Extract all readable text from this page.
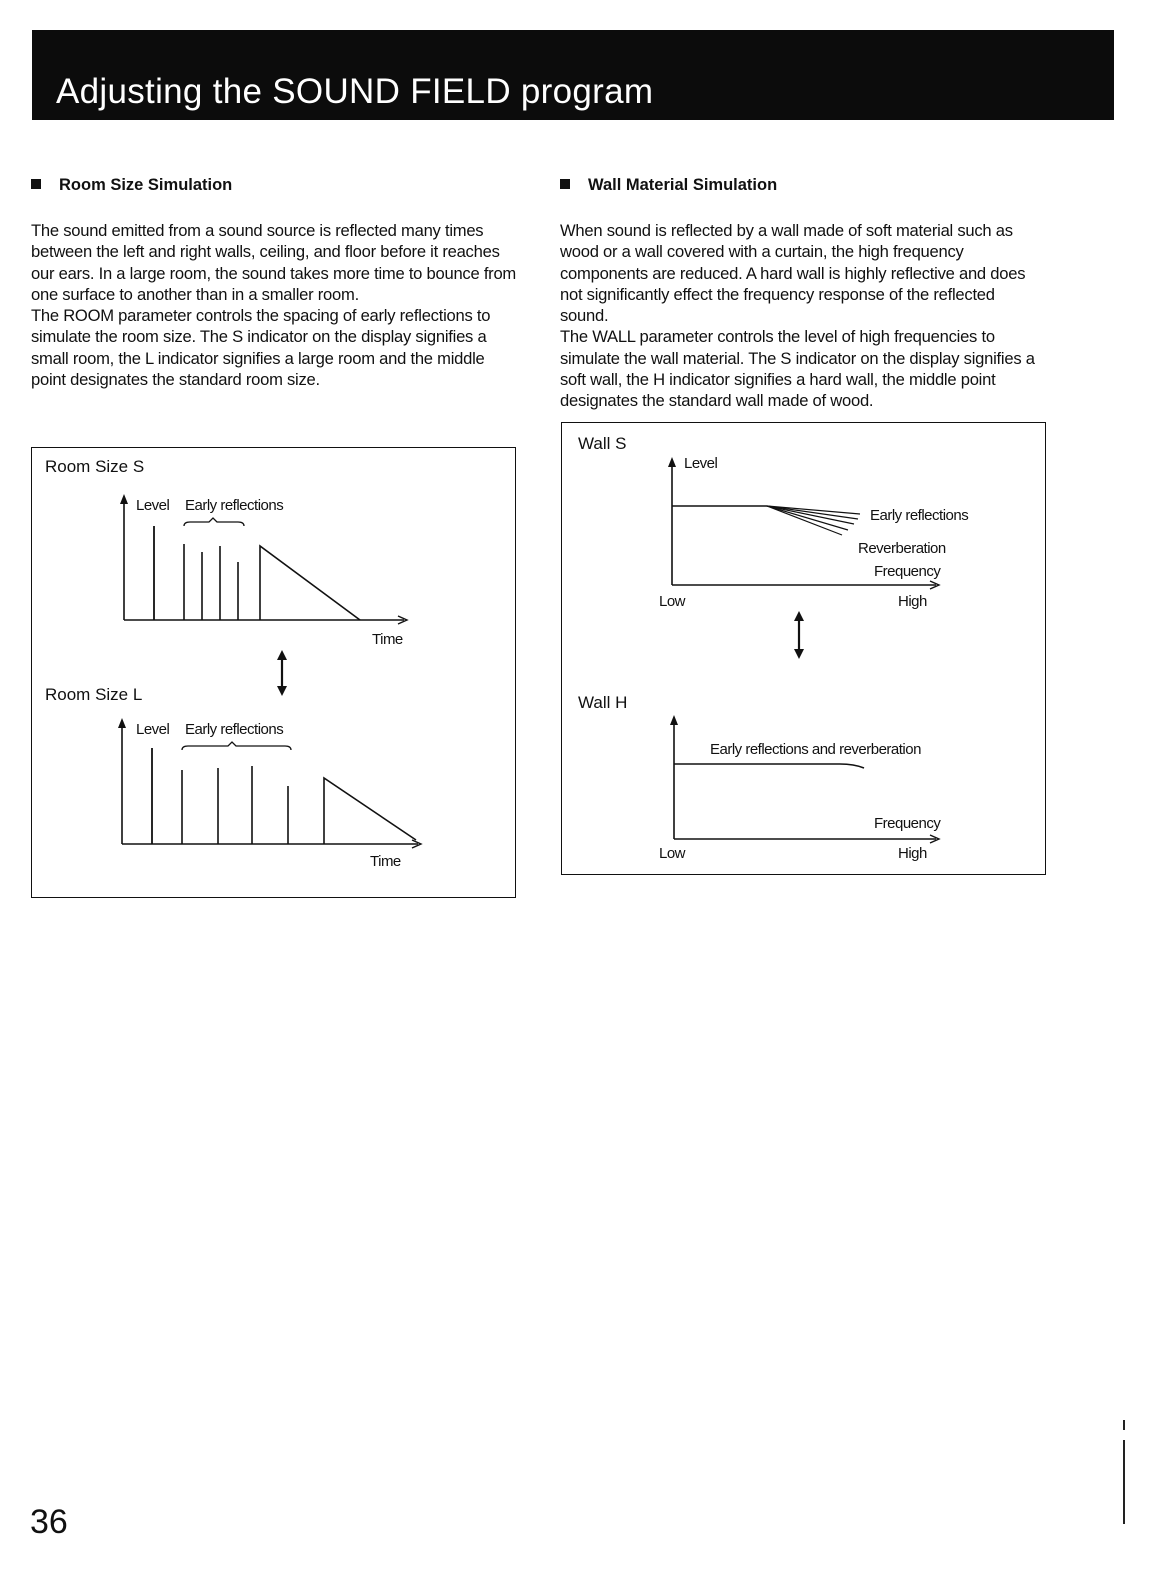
Adjusting the SOUND FIELD program
Room Size Simulation

The sound emitted from a sound source is reflected many times between the left and right walls, ceiling, and floor before it reaches our ears. In a large room, the sound takes more time to bounce from one surface to another than in a smaller room.

The ROOM parameter controls the spacing of early reflections to simulate the room size. The S indicator on the display signifies a small room, the L indicator signifies a large room and the middle point designates the standard room size.

Room Size S
Level Early reflections
Time
Room Size L
Level Early reflections
Time
Wall Material Simulation

When sound is reflected by a wall made of soft material such as wood or a wall covered with a curtain, the high frequency components are reduced. A hard wall is highly reflective and does not significantly effect the frequency response of the reflected sound.

The WALL parameter controls the level of high frequencies to simulate the wall material. The S indicator on the display signifies a soft wall, the H indicator signifies a hard wall, the middle point designates the standard wall made of wood.

Wall S
Level
Early reflections
Reverberation
Frequency
Low	High
Wall H
Early reflections and reverberation
Frequency
Low	High
36
